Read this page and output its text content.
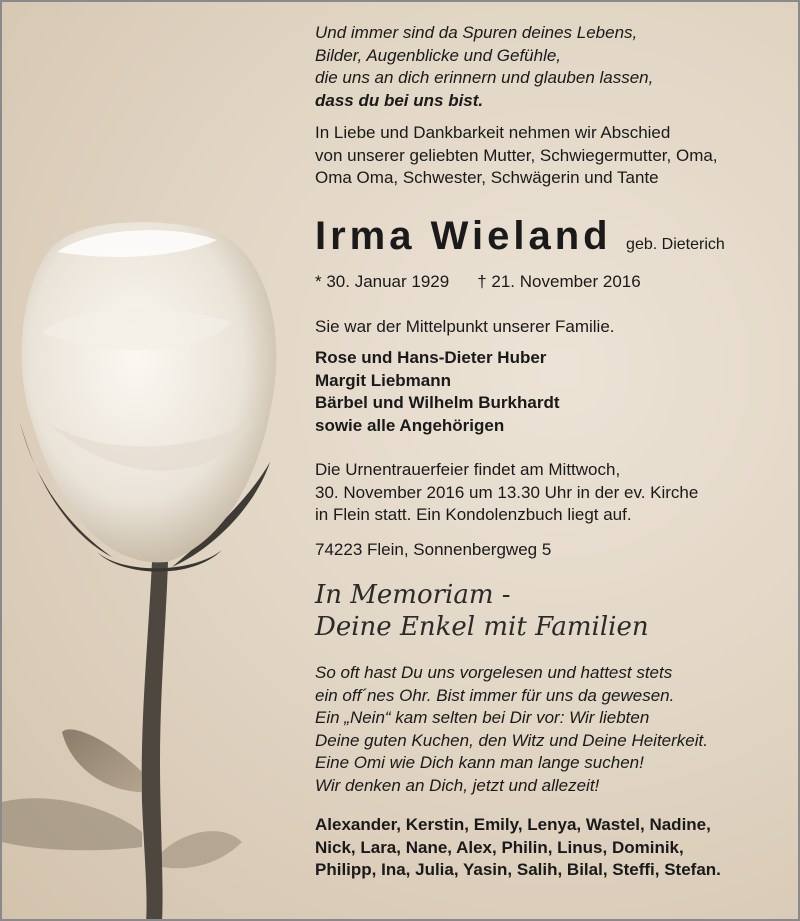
Und immer sind da Spuren deines Lebens,

Bilder, Augenblicke und Gefühle,

die uns an dich erinnern und glauben lassen,

dass du bei uns bist.

In Liebe und Dankbarkeit nehmen wir Abschied

von unserer geliebten Mutter, Schwiegermutter, Oma,

Oma Oma, Schwester, Schwägerin und Tante

Irma Wieland geb. Dieterich
* 30. Januar 1929 † 21. November 2016

Sie war der Mittelpunkt unserer Familie.

Rose und Hans-Dieter Huber

Margit Liebmann

Bärbel und Wilhelm Burkhardt

sowie alle Angehörigen

Die Urnentrauerfeier findet am Mittwoch,

30. November 2016 um 13.30 Uhr in der ev. Kirche

in Flein statt. Ein Kondolenzbuch liegt auf.

74223 Flein, Sonnenbergweg 5

In Memoriam -
Deine Enkel mit Familien

So oft hast Du uns vorgelesen und hattest stets

ein off´nes Ohr. Bist immer für uns da gewesen.

Ein „Nein“ kam selten bei Dir vor: Wir liebten

Deine guten Kuchen, den Witz und Deine Heiterkeit.

Eine Omi wie Dich kann man lange suchen!

Wir denken an Dich, jetzt und allezeit!

Alexander, Kerstin, Emily, Lenya, Wastel, Nadine,

Nick, Lara, Nane, Alex, Philin, Linus, Dominik,

Philipp, Ina, Julia, Yasin, Salih, Bilal, Steffi, Stefan.
